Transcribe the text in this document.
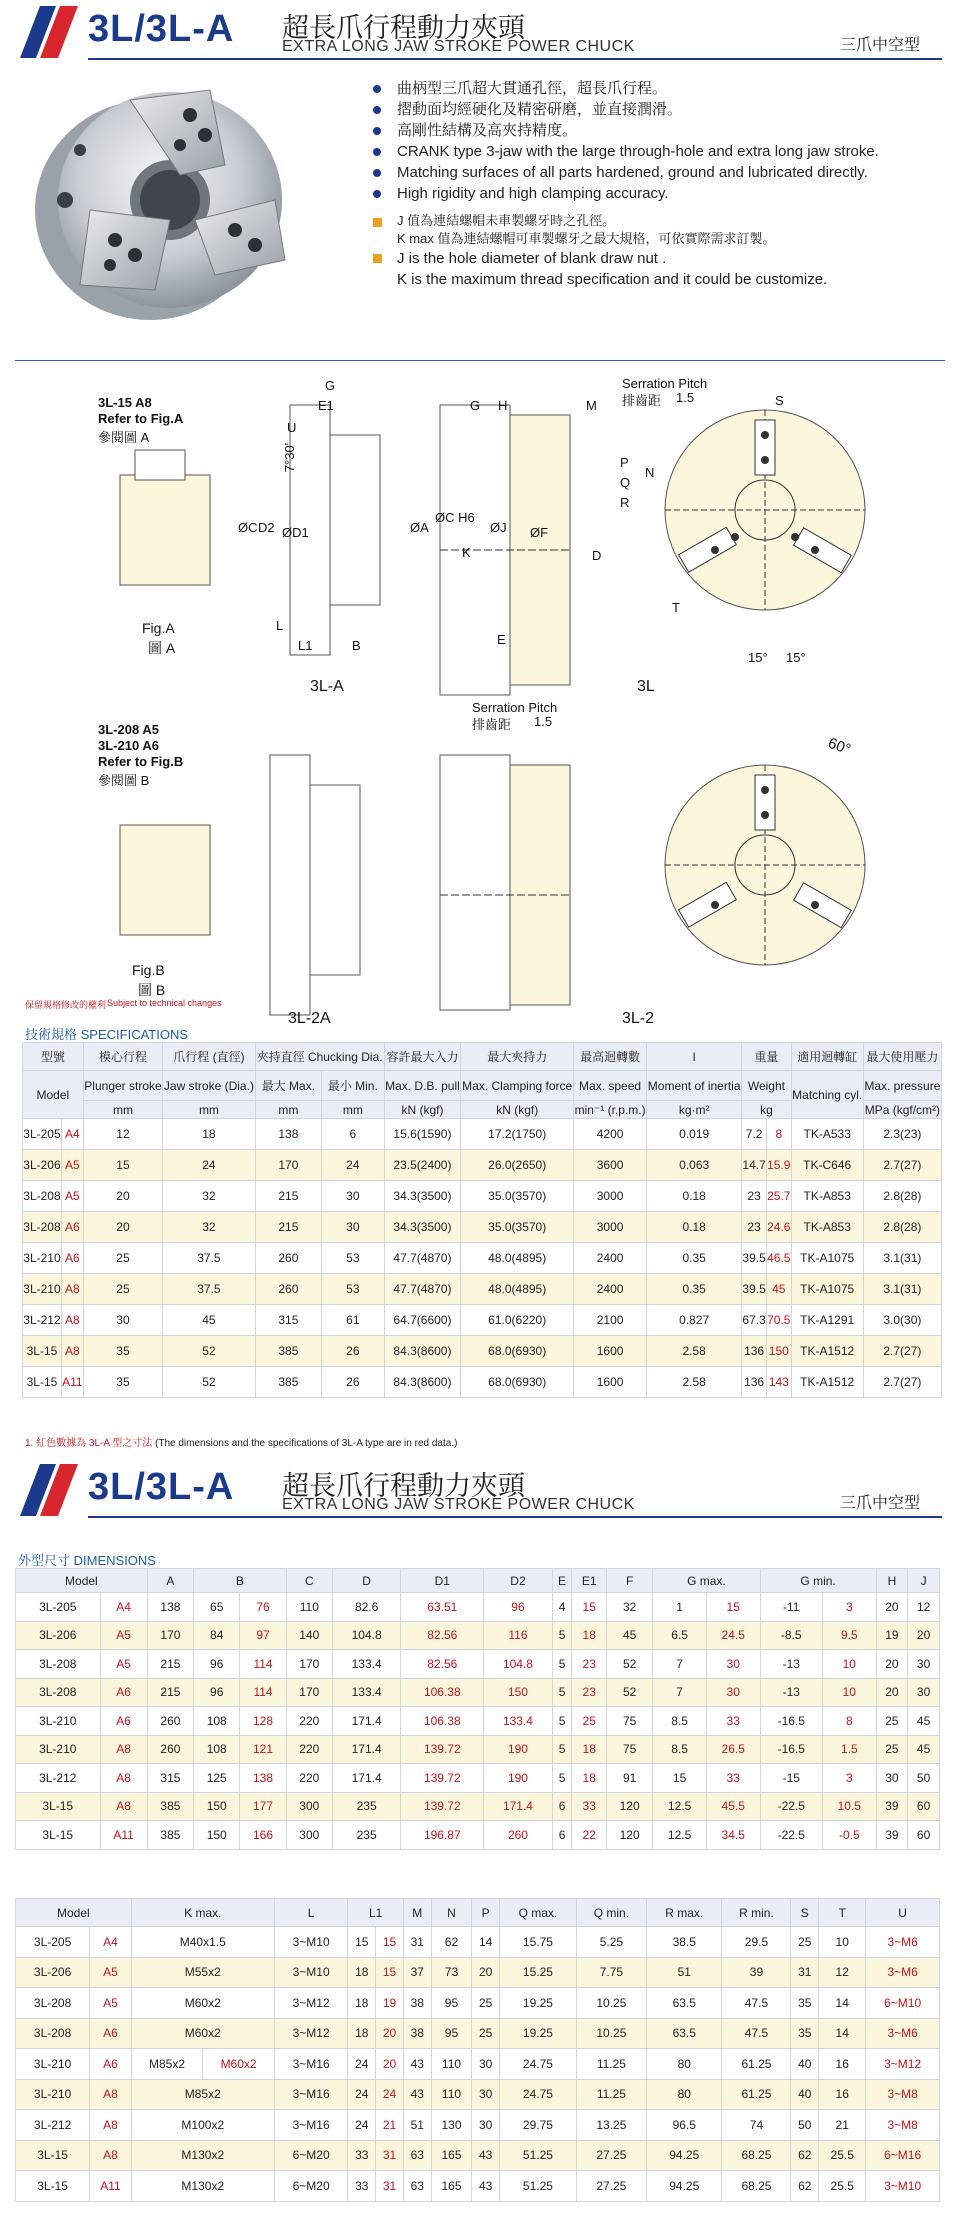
3L/3L-A 超長爪行程動力夾頭
EXTRA LONG JAW STROKE POWER CHUCK	三爪中空型
曲柄型三爪超大貫通孔徑，超長爪行程。
摺動面均經硬化及精密研磨，並直接潤滑。
高剛性結構及高夾持精度。
CRANK type 3-jaw with the large through-hole and extra long jaw stroke.
Matching surfaces of all parts hardened, ground and lubricated directly.
High rigidity and high clamping accuracy.
J 值為連結螺帽未車製螺牙時之孔徑。
K max 值為連結螺帽可車製螺牙之最大規格，可依實際需求訂製。
J is the hole diameter of blank draw nut .
K is the maximum thread specification and it could be customize.
3L-15 A8
Refer to Fig.A
參閱圖 A
Fig.A
圖 A
3L-A	3L
Serration Pitch
排齒距 1.5
7°30'
15° 15°
60°
G
E1
U
ØC D2 ØD1
L
L1	B
G H	M
ØA
ØC H6
ØJ ØF
D
E
R
Q
P
N
S
T
K
3L-208 A5
3L-210 A6
Refer to Fig.B
參閱圖 B
Fig.B
圖 B
3L-2A	3L-2
Serration Pitch
排齒距 1.5
保留規格修改的權利 Subject to technical changes
技術規格 SPECIFICATIONS
型號		模心行程	爪行程 (直徑)	夾持直徑 Chucking Dia.		容許最大入力	最大夾持力	最高迴轉數	I	重量		適用迴轉缸	最大使用壓力
Model		Plunger stroke	Jaw stroke (Dia.)	最大 Max.	最小 Min.	Max. D.B. pull	Max. Clamping force	Max. speed	Moment of inertia	Weight		Matching cyl.	Max. pressure
		mm	mm	mm	mm	kN (kgf)	kN (kgf)	min⁻¹ (r.p.m.)	kg·m²	kg			MPa (kgf/cm²)
3L-205	A4	12	18	138	6	15.6(1590)	17.2(1750)	4200	0.019	7.2	8	TK-A533	2.3(23)
3L-206	A5	15	24	170	24	23.5(2400)	26.0(2650)	3600	0.063	14.7	15.9	TK-C646	2.7(27)
3L-208	A5	20	32	215	30	34.3(3500)	35.0(3570)	3000	0.18	23	25.7	TK-A853	2.8(28)
3L-208	A6	20	32	215	30	34.3(3500)	35.0(3570)	3000	0.18	23	24.6	TK-A853	2.8(28)
3L-210	A6	25	37.5	260	53	47.7(4870)	48.0(4895)	2400	0.35	39.5	46.5	TK-A1075	3.1(31)
3L-210	A8	25	37.5	260	53	47.7(4870)	48.0(4895)	2400	0.35	39.5	45	TK-A1075	3.1(31)
3L-212	A8	30	45	315	61	64.7(6600)	61.0(6220)	2100	0.827	67.3	70.5	TK-A1291	3.0(30)
3L-15	A8	35	52	385	26	84.3(8600)	68.0(6930)	1600	2.58	136	150	TK-A1512	2.7(27)
3L-15	A11	35	52	385	26	84.3(8600)	68.0(6930)	1600	2.58	136	143	TK-A1512	2.7(27)
1. 紅色數據為 3L-A 型之寸法 (The dimensions and the specifications of 3L-A type are in red data.)
3L/3L-A 超長爪行程動力夾頭
EXTRA LONG JAW STROKE POWER CHUCK	三爪中空型
外型尺寸 DIMENSIONS
Model		A	B		C	D	D1	D2	E	E1	F	G max.		G min.		H	J
3L-205	A4	138	65	76	110	82.6	63.51	96	4	15	32	1	15	-11	3	20	12
3L-206	A5	170	84	97	140	104.8	82.56	116	5	18	45	6.5	24.5	-8.5	9.5	19	20
3L-208	A5	215	96	114	170	133.4	82.56	104.8	5	23	52	7	30	-13	10	20	30
3L-208	A6	215	96	114	170	133.4	106.38	150	5	23	52	7	30	-13	10	20	30
3L-210	A6	260	108	128	220	171.4	106.38	133.4	5	25	75	8.5	33	-16.5	8	25	45
3L-210	A8	260	108	121	220	171.4	139.72	190	5	18	75	8.5	26.5	-16.5	1.5	25	45
3L-212	A8	315	125	138	220	171.4	139.72	190	5	18	91	15	33	-15	3	30	50
3L-15	A8	385	150	177	300	235	139.72	171.4	6	33	120	12.5	45.5	-22.5	10.5	39	60
3L-15	A11	385	150	166	300	235	196.87	260	6	22	120	12.5	34.5	-22.5	-0.5	39	60
Model		K max.		L	L1		M	N	P	Q max.	Q min.	R max.	R min.	S	T	U
3L-205	A4	M40x1.5		3~M10	15	15	31	62	14	15.75	5.25	38.5	29.5	25	10	3~M6
3L-206	A5	M55x2		3~M10	18	15	37	73	20	15.25	7.75	51	39	31	12	3~M6
3L-208	A5	M60x2		3~M12	18	19	38	95	25	19.25	10.25	63.5	47.5	35	14	6~M10
3L-208	A6	M60x2		3~M12	18	20	38	95	25	19.25	10.25	63.5	47.5	35	14	3~M6
3L-210	A6	M85x2	M60x2	3~M16	24	20	43	110	30	24.75	11.25	80	61.25	40	16	3~M12
3L-210	A8	M85x2		3~M16	24	24	43	110	30	24.75	11.25	80	61.25	40	16	3~M8
3L-212	A8	M100x2		3~M16	24	21	51	130	30	29.75	13.25	96.5	74	50	21	3~M8
3L-15	A8	M130x2		6~M20	33	31	63	165	43	51.25	27.25	94.25	68.25	62	25.5	6~M16
3L-15	A11	M130x2		6~M20	33	31	63	165	43	51.25	27.25	94.25	68.25	62	25.5	3~M10
